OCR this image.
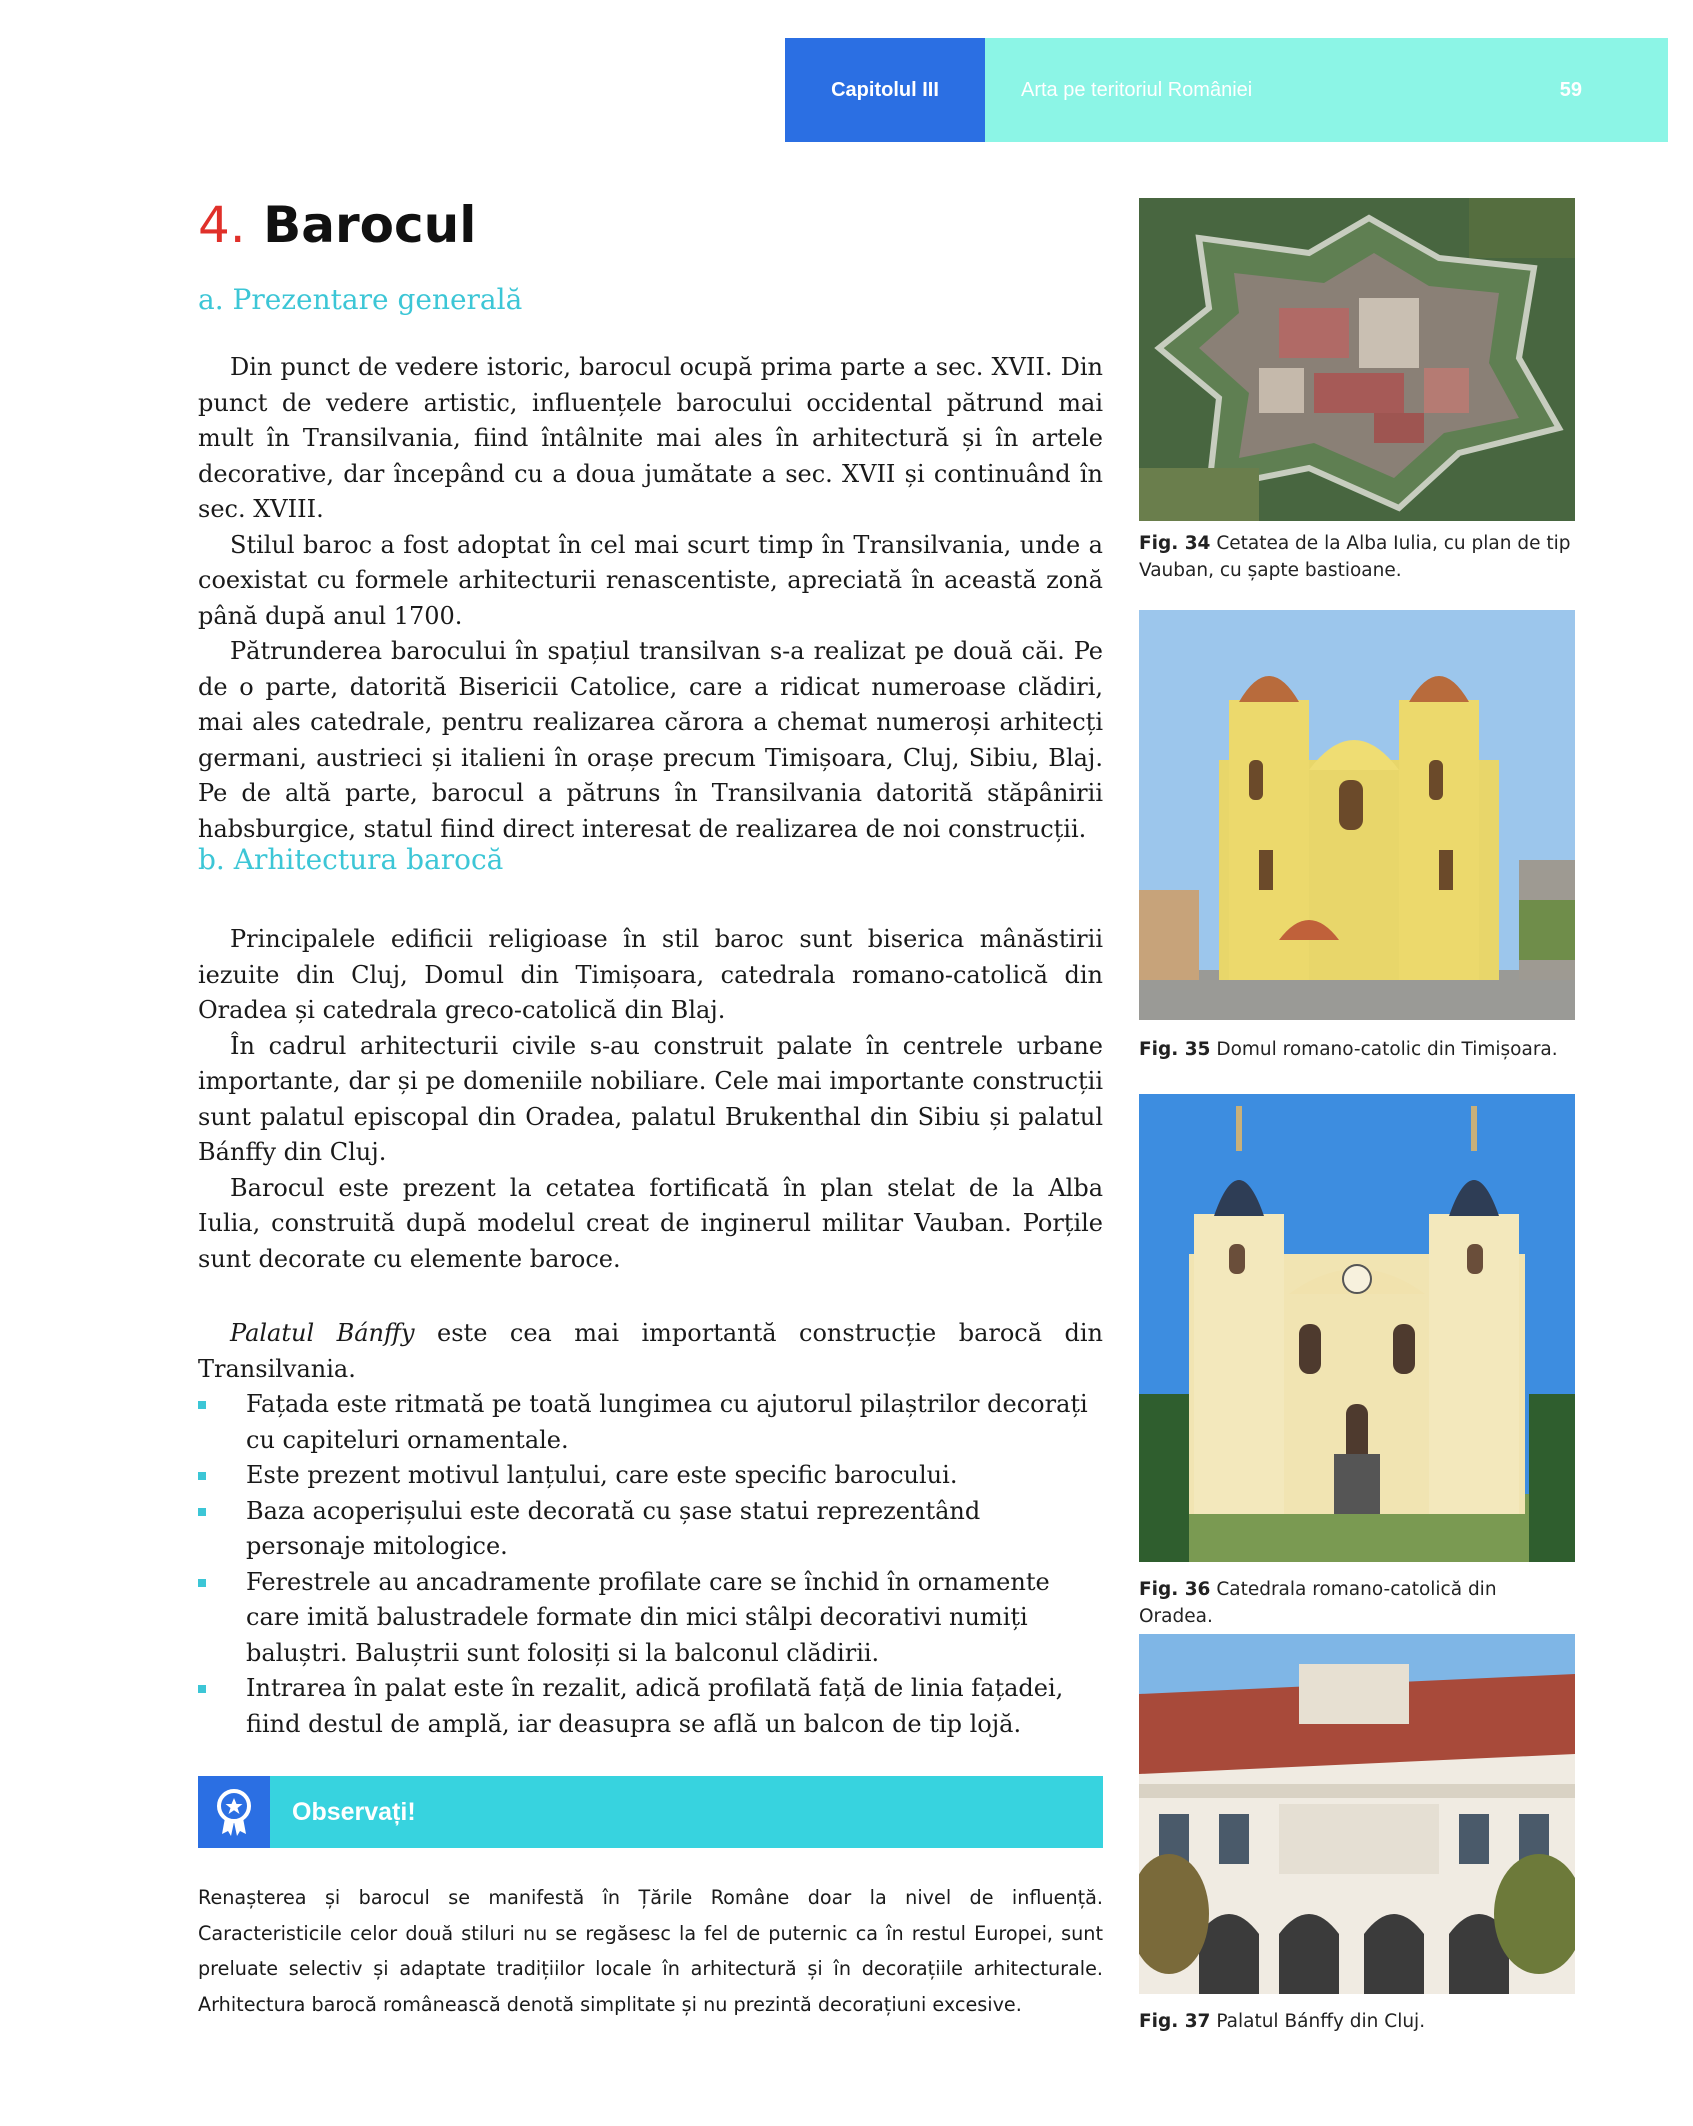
Capitolul III	Arta pe teritoriul României	59
4. Barocul
a. Prezentare generală

Din punct de vedere istoric, barocul ocupă prima parte a sec. XVII. Din punct de vedere artistic, influențele barocului occidental pătrund mai mult în Transilvania, fiind întâlnite mai ales în arhitectură și în artele decorative, dar începând cu a doua jumătate a sec. XVII și continuând în sec. XVIII.

Stilul baroc a fost adoptat în cel mai scurt timp în Transilvania, unde a coexistat cu formele arhitecturii renascentiste, apreciată în această zonă până după anul 1700.

Pătrunderea barocului în spațiul transilvan s-a realizat pe două căi. Pe de o parte, datorită Bisericii Catolice, care a ridicat numeroase clădiri, mai ales catedrale, pentru realizarea cărora a chemat numeroși arhitecți germani, austrieci și italieni în orașe precum Timișoara, Cluj, Sibiu, Blaj. Pe de altă parte, barocul a pătruns în Transilvania datorită stăpânirii habsburgice, statul fiind direct interesat de realizarea de noi construcții.

b. Arhitectura barocă

Principalele edificii religioase în stil baroc sunt biserica mânăstirii iezuite din Cluj, Domul din Timișoara, catedrala romano-catolică din Oradea și catedrala greco-catolică din Blaj.

În cadrul arhitecturii civile s-au construit palate în centrele urbane importante, dar și pe domeniile nobiliare. Cele mai importante construcții sunt palatul episcopal din Oradea, palatul Brukenthal din Sibiu și palatul Bánffy din Cluj.

Barocul este prezent la cetatea fortificată în plan stelat de la Alba Iulia, construită după modelul creat de inginerul militar Vauban. Porțile sunt decorate cu elemente baroce.

Palatul Bánffy este cea mai importantă construcție barocă din Transilvania.

Fațada este ritmată pe toată lungimea cu ajutorul pilaștrilor decorați cu capiteluri ornamentale.
Este prezent motivul lanțului, care este specific barocului.
Baza acoperișului este decorată cu șase statui reprezentând personaje mitologice.
Ferestrele au ancadramente profilate care se închid în ornamente care imită balustradele formate din mici stâlpi decorativi numiți baluștri. Baluștrii sunt folosiți si la balconul clădirii.
Intrarea în palat este în rezalit, adică profilată față de linia fațadei, fiind destul de amplă, iar deasupra se află un balcon de tip lojă.
Observați!
Renașterea și barocul se manifestă în Țările Române doar la nivel de influență. Caracteristicile celor două stiluri nu se regăsesc la fel de puternic ca în restul Europei, sunt preluate selectiv și adaptate tradițiilor locale în arhitectură și în decorațiile arhitecturale. Arhitectura barocă românească denotă simplitate și nu prezintă decorațiuni excesive.
Fig. 34 Cetatea de la Alba Iulia, cu plan de tip Vauban, cu șapte bastioane.
Fig. 35 Domul romano-catolic din Timișoara.
Fig. 36 Catedrala romano-catolică din Oradea.
Fig. 37 Palatul Bánffy din Cluj.
